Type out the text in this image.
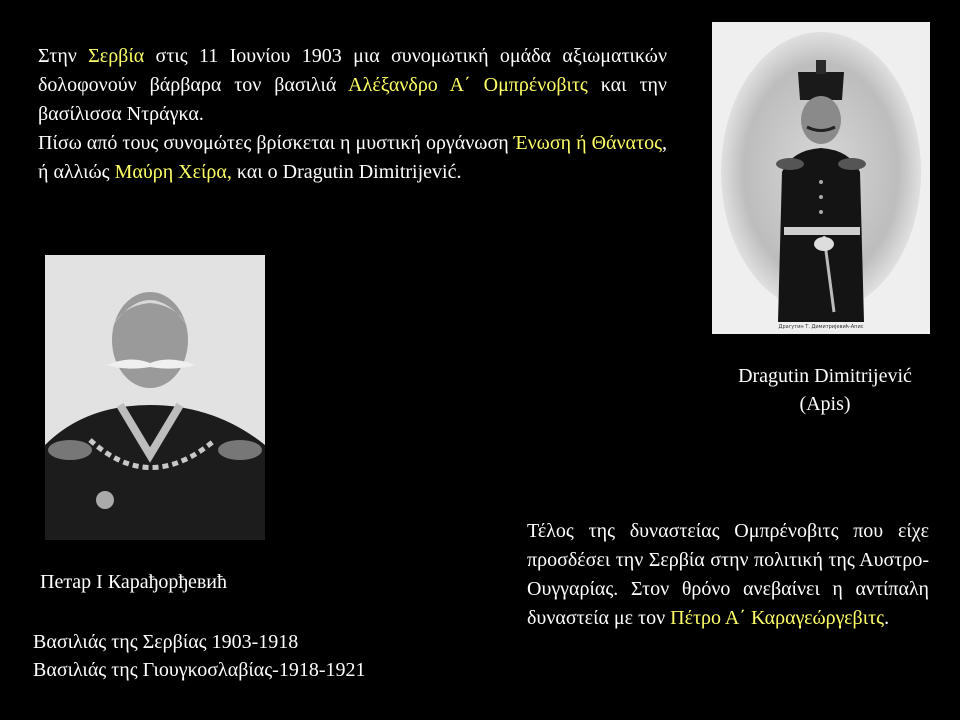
Στην Σερβία στις 11 Ιουνίου 1903 μια συνομωτική ομάδα αξιωματικών δολοφονούν βάρβαρα τον βασιλιά Αλέξανδρο Α΄ Ομπρένοβιτς και την βασίλισσα Ντράγκα.
Πίσω από τους συνομώτες βρίσκεται η μυστική οργάνωση Ένωση ή Θάνατος, ή αλλιώς Μαύρη Χείρα, και ο Dragutin Dimitrijević.
Драгутин Т. Димитријевић-Апис
Dragutin Dimitrijević
(Apis)
Петар I Карађорђевић
Βασιλιάς της Σερβίας 1903-1918
Βασιλιάς της Γιουγκοσλαβίας-1918-1921
Τέλος της δυναστείας Ομπρένοβιτς που είχε προσδέσει την Σερβία στην πολιτική της Αυστρο-Ουγγαρίας. Στον θρόνο ανεβαίνει η αντίπαλη δυναστεία με τον Πέτρο Α΄ Καραγεώργεβιτς.
